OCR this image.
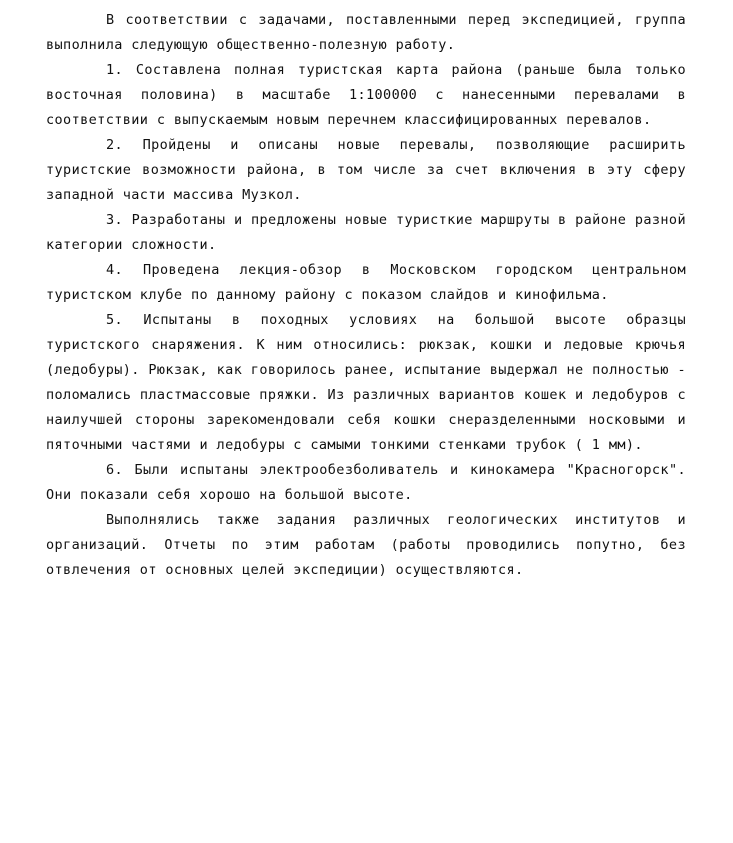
В соответствии с задачами, поставленными перед экспедицией, группа выполнила следующую общественно-полезную работу.

1. Составлена полная туристская карта района (раньше была только восточная половина) в масштабе 1:100000 с нанесенными перевалами в соответствии с выпускаемым новым перечнем классифицированных перевалов.

2. Пройдены и описаны новые перевалы, позволяющие расширить туристские возможности района, в том числе за счет включения в эту сферу западной части массива Музкол.

3. Разработаны и предложены новые туристкие маршруты в районе разной категории сложности.

4. Проведена лекция-обзор в Московском городском центральном туристском клубе по данному району с показом слайдов и кинофильма.

5. Испытаны в походных условиях на большой высоте образцы туристского снаряжения. К ним относились: рюкзак, кошки и ледовые крючья (ледобуры). Рюкзак, как говорилось ранее, испытание выдержал не полностью - поломались пластмассовые пряжки. Из различных вариантов кошек и ледобуров с наилучшей стороны зарекомендовали себя кошки снеразделенными носковыми и пяточными частями и ледобуры с самыми тонкими стенками трубок ( 1 мм).

6. Были испытаны электрообезболиватель и кинокамера "Красногорск". Они показали себя хорошо на большой высоте.

Выполнялись также задания различных геологических институтов и организаций. Отчеты по этим работам (работы проводились попутно, без отвлечения от основных целей экспедиции) осуществляются.
